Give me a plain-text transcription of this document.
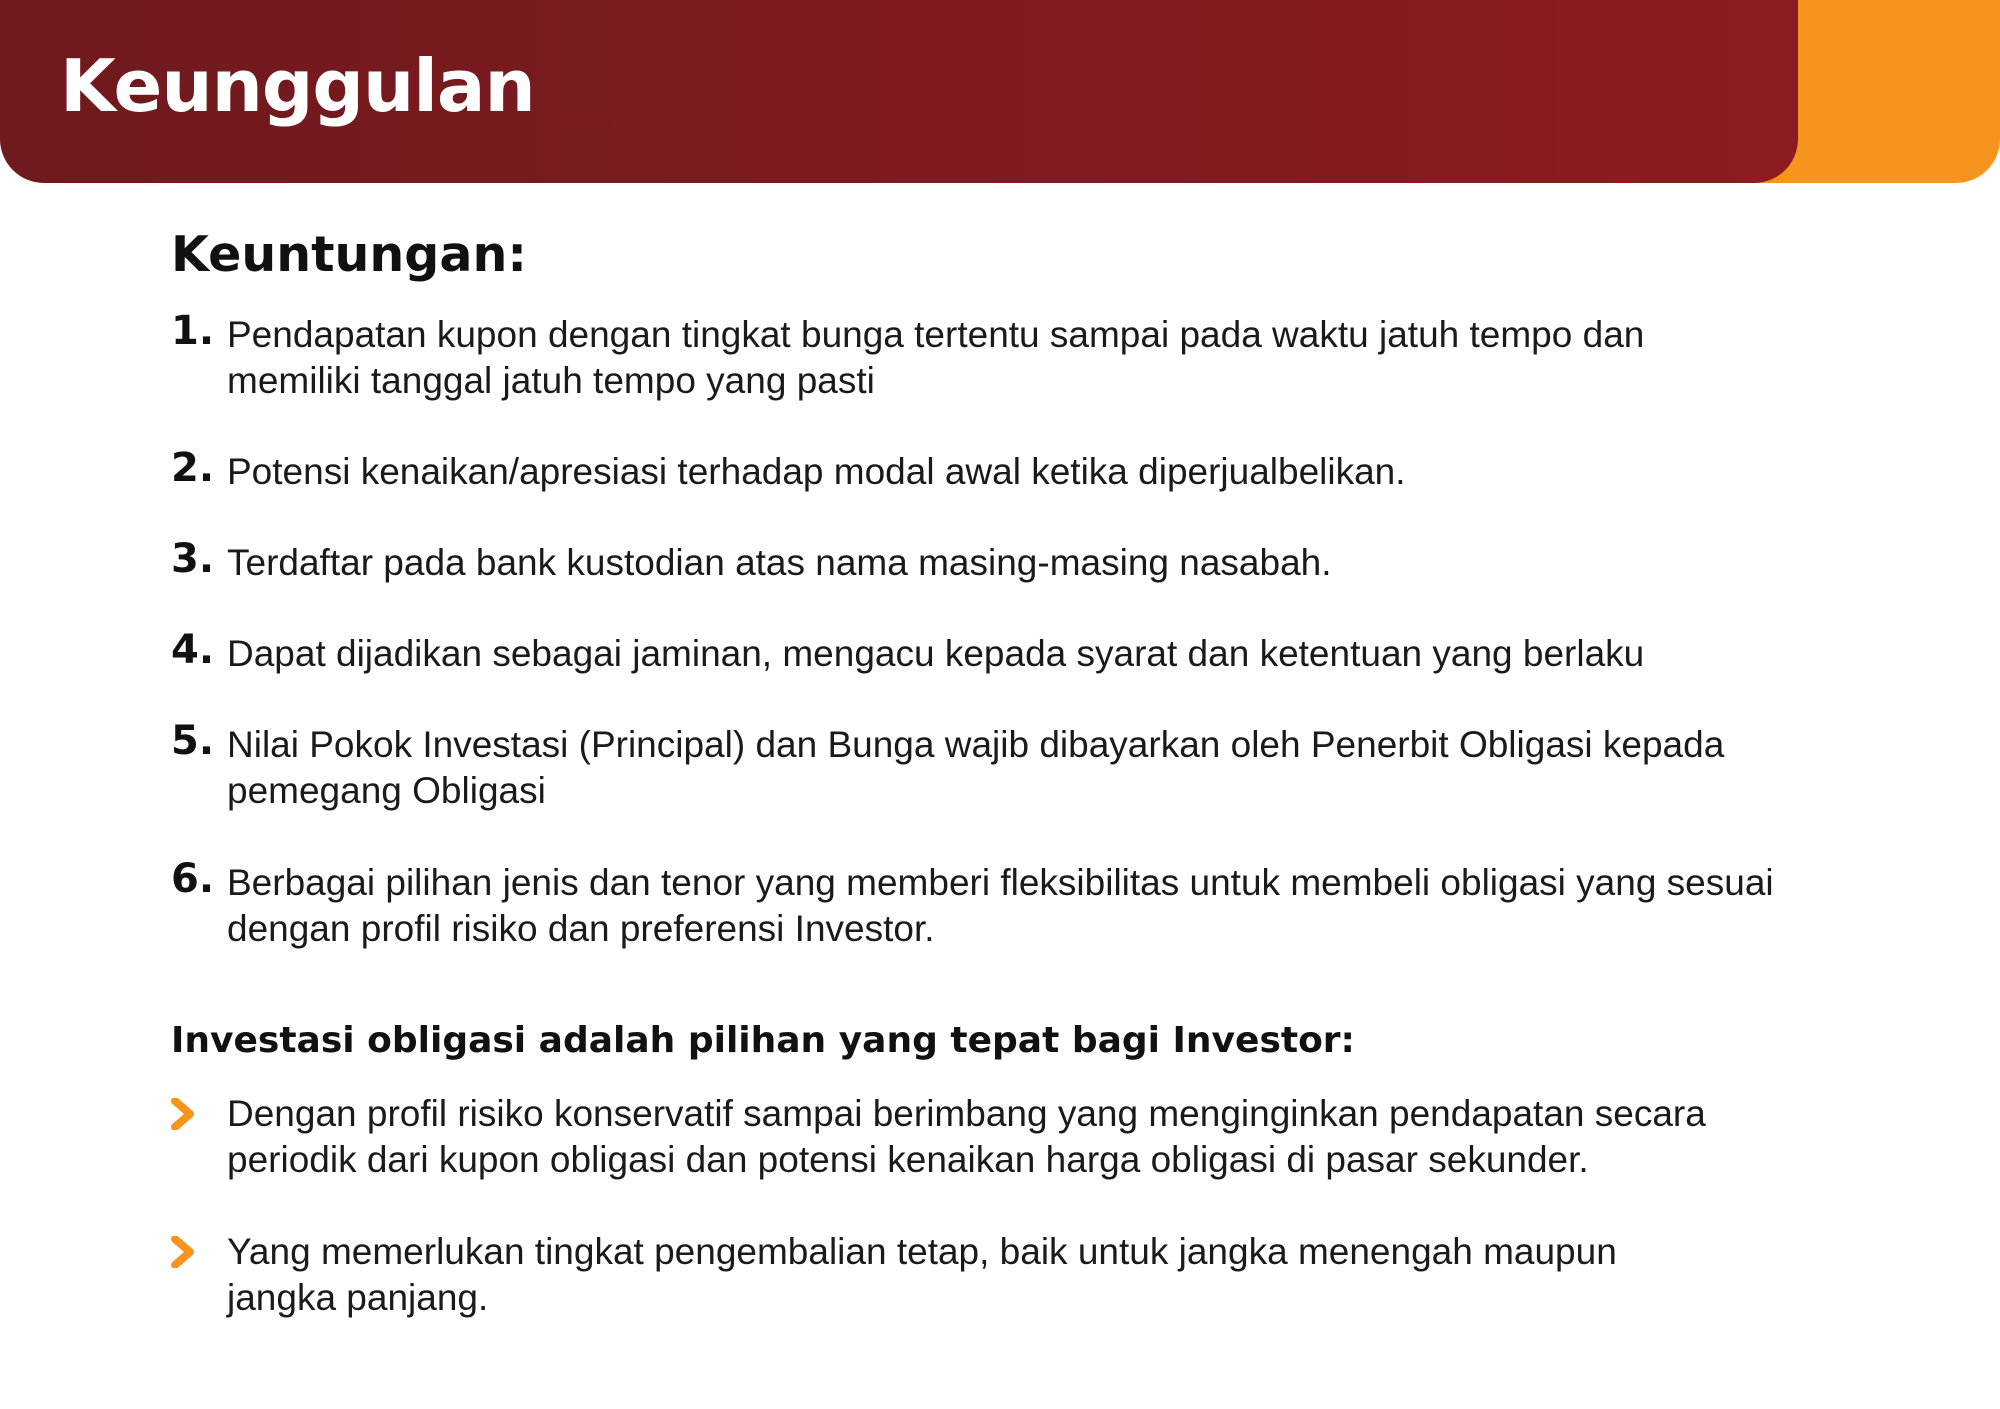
Keunggulan
Keuntungan:
1. Pendapatan kupon dengan tingkat bunga tertentu sampai pada waktu jatuh tempo dan
memiliki tanggal jatuh tempo yang pasti
2. Potensi kenaikan/apresiasi terhadap modal awal ketika diperjualbelikan.
3. Terdaftar pada bank kustodian atas nama masing-masing nasabah.
4. Dapat dijadikan sebagai jaminan, mengacu kepada syarat dan ketentuan yang berlaku
5. Nilai Pokok Investasi (Principal) dan Bunga wajib dibayarkan oleh Penerbit Obligasi kepada
pemegang Obligasi
6. Berbagai pilihan jenis dan tenor yang memberi fleksibilitas untuk membeli obligasi yang sesuai
dengan profil risiko dan preferensi Investor.
Investasi obligasi adalah pilihan yang tepat bagi Investor:
Dengan profil risiko konservatif sampai berimbang yang menginginkan pendapatan secara
periodik dari kupon obligasi dan potensi kenaikan harga obligasi di pasar sekunder.
Yang memerlukan tingkat pengembalian tetap, baik untuk jangka menengah maupun
jangka panjang.
